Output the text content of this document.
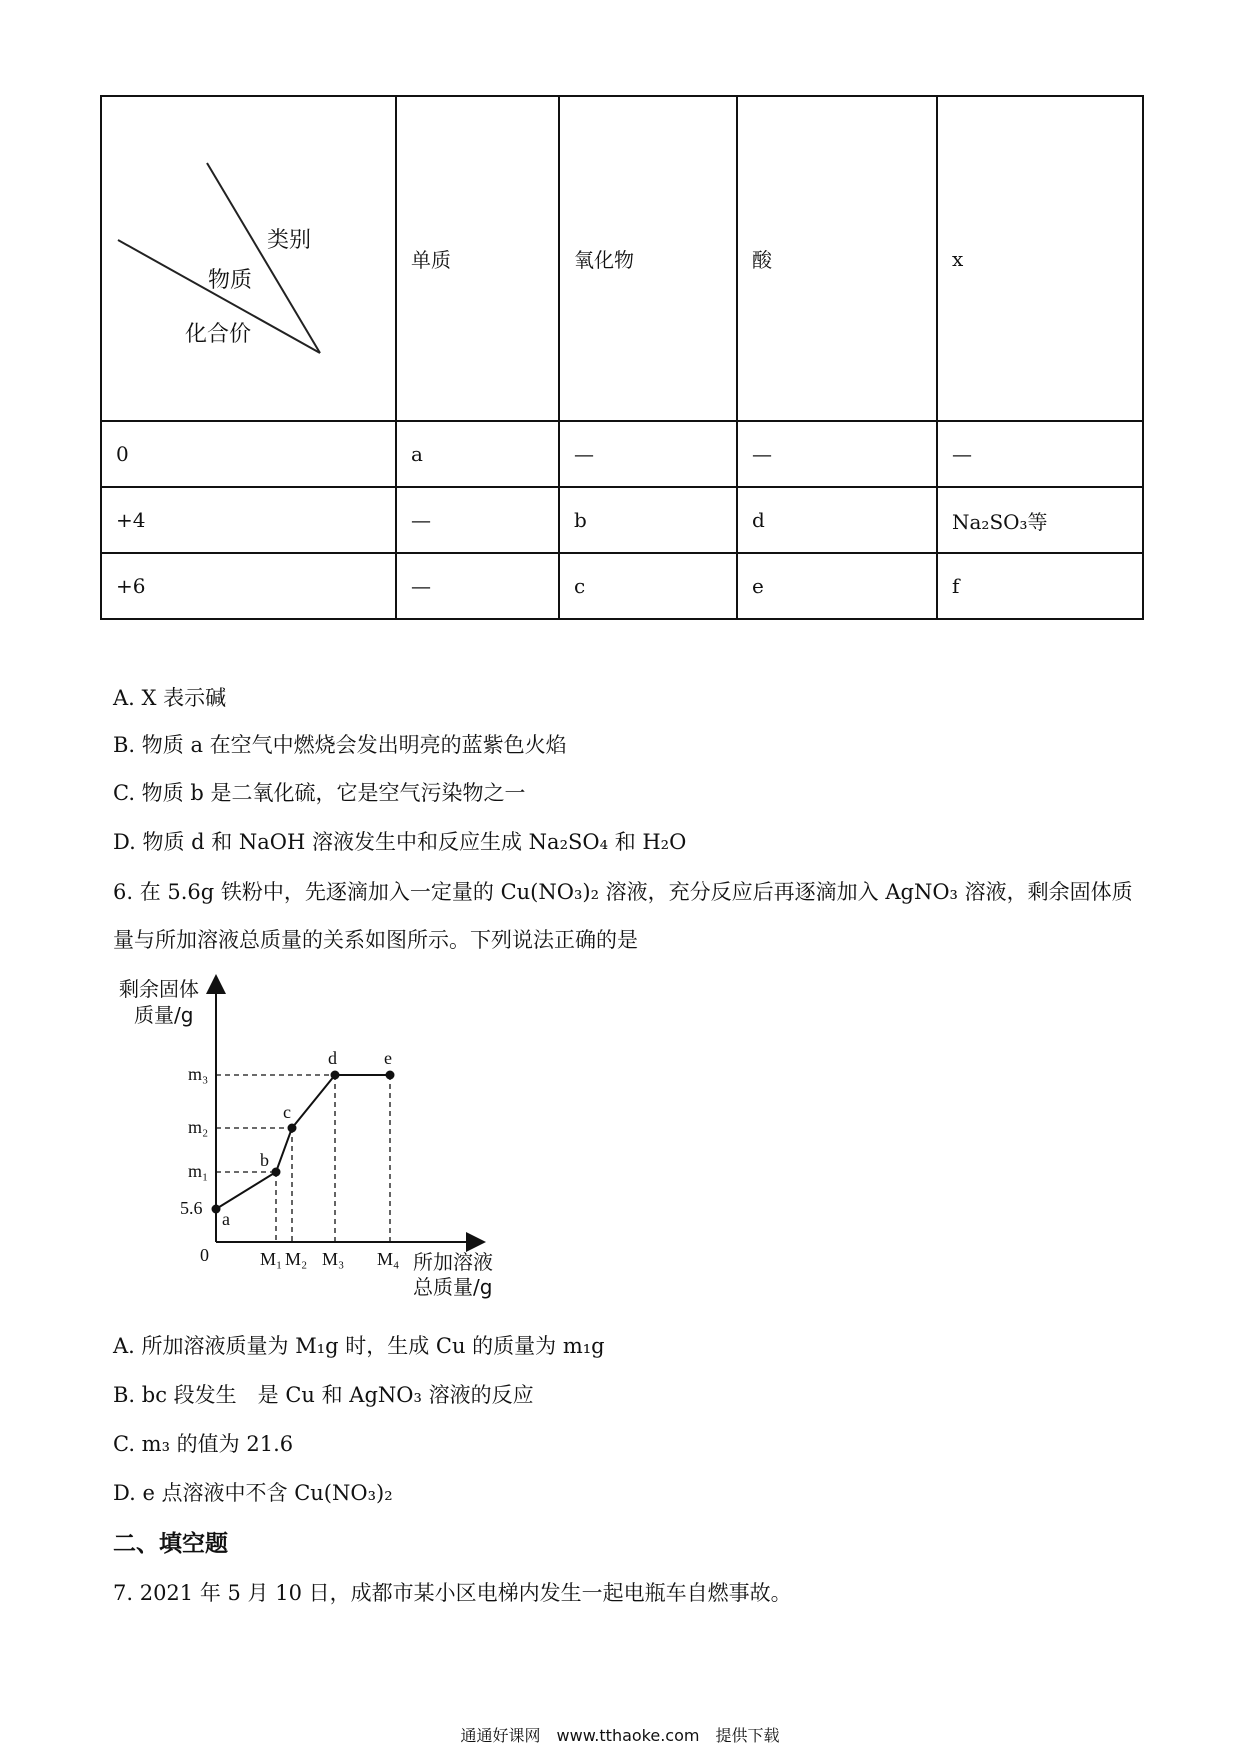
类别
物质
化合价	单质	氧化物	酸	x
0	a	—	—	—
+4	—	b	d	Na₂SO₃等
+6	—	c	e	f
A. X 表示碱
B. 物质 a 在空气中燃烧会发出明亮的蓝紫色火焰
C. 物质 b 是二氧化硫，它是空气污染物之一
D. 物质 d 和 NaOH 溶液发生中和反应生成 Na₂SO₄ 和 H₂O
6. 在 5.6g 铁粉中，先逐滴加入一定量的 Cu(NO₃)₂ 溶液，充分反应后再逐滴加入 AgNO₃ 溶液，剩余固体质
量与所加溶液总质量的关系如图所示。下列说法正确的是
a
b
c
d	e
剩余固体
质量/g
所加溶液
总质量/g
0
5.6
m₁
m₂
m₃
M₁ M₂ M₃ M₄
A. 所加溶液质量为 M₁g 时，生成 Cu 的质量为 m₁g
B. bc 段发生　是 Cu 和 AgNO₃ 溶液的反应
C. m₃ 的值为 21.6
D. e 点溶液中不含 Cu(NO₃)₂
二、填空题
7. 2021 年 5 月 10 日，成都市某小区电梯内发生一起电瓶车自燃事故。
通通好课网　www.tthaoke.com　提供下载
